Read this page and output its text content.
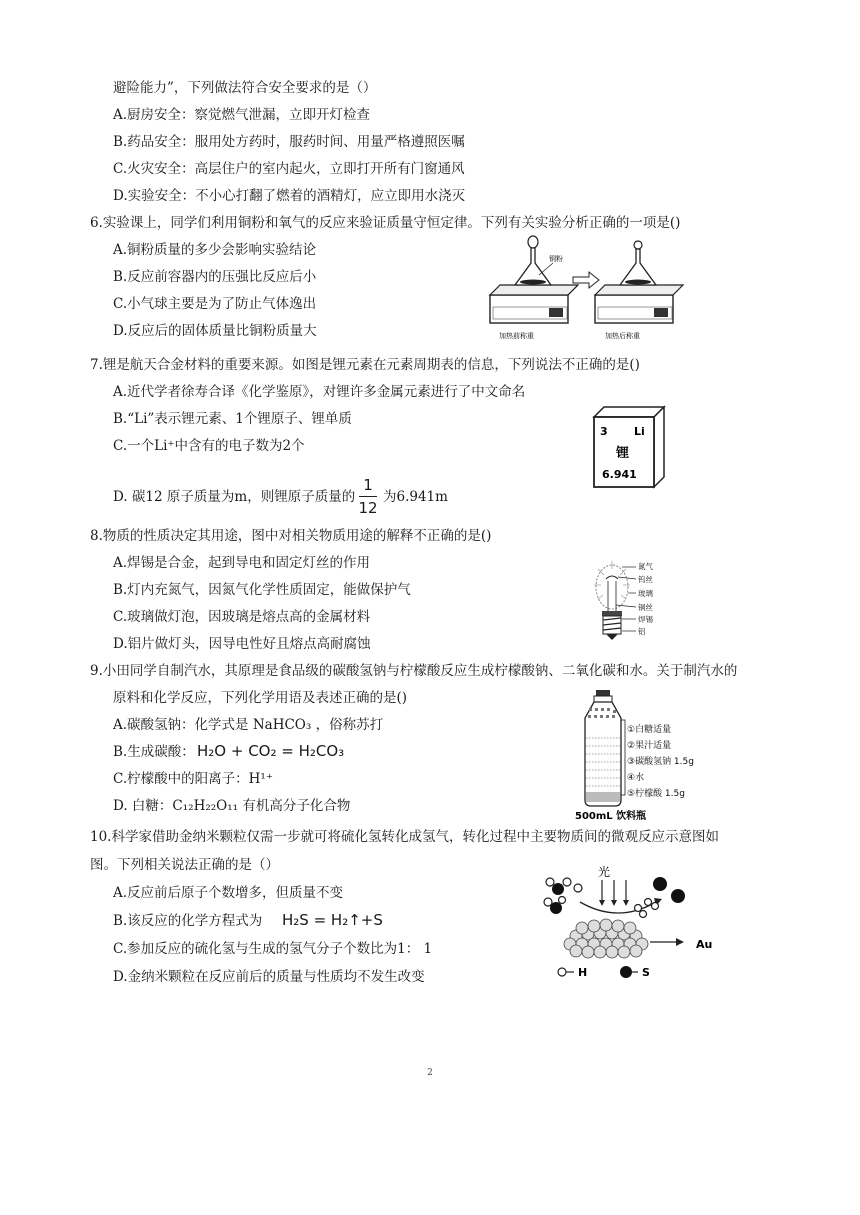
避险能力”，下列做法符合安全要求的是（）
A.厨房安全：察觉燃气泄漏，立即开灯检查
B.药品安全：服用处方药时，服药时间、用量严格遵照医嘱
C.火灾安全：高层住户的室内起火，立即打开所有门窗通风
D.实验安全：不小心打翻了燃着的酒精灯，应立即用水浇灭
6.实验课上，同学们利用铜粉和氧气的反应来验证质量守恒定律。下列有关实验分析正确的一项是()
A.铜粉质量的多少会影响实验结论
B.反应前容器内的压强比反应后小
C.小气球主要是为了防止气体逸出
D.反应后的固体质量比铜粉质量大
铜粉
加热前称重	加热后称重
7.锂是航天合金材料的重要来源。如图是锂元素在元素周期表的信息，下列说法不正确的是()
A.近代学者徐寿合译《化学鉴原》，对锂许多金属元素进行了中文命名
B.“Li”表示锂元素、1个锂原子、锂单质
C.一个Li⁺中含有的电子数为2个
D. 碳12 原子质量为m，则锂原子质量的
1
12
为6.941m
3 Li
锂
6.941
8.物质的性质决定其用途，图中对相关物质用途的解释不正确的是()
A.焊锡是合金，起到导电和固定灯丝的作用
B.灯内充氮气，因氮气化学性质固定，能做保护气
C.玻璃做灯泡，因玻璃是熔点高的金属材料
D.铝片做灯头，因导电性好且熔点高耐腐蚀
氮气
钨丝
玻璃
铜丝
焊锡
铝
9.小田同学自制汽水，其原理是食品级的碳酸氢钠与柠檬酸反应生成柠檬酸钠、二氧化碳和水。关于制汽水的
原料和化学反应，下列化学用语及表述正确的是()
A.碳酸氢钠：化学式是 NaHCO₃ ，俗称苏打
B.生成碳酸： H₂O + CO₂ = H₂CO₃
C.柠檬酸中的阳离子：H¹⁺
D. 白糖：C₁₂H₂₂O₁₁ 有机高分子化合物
①白糖适量
②果汁适量
③碳酸氢钠 1.5g
④水
⑤柠檬酸 1.5g
500mL 饮料瓶
10.科学家借助金纳米颗粒仅需一步就可将硫化氢转化成氢气，转化过程中主要物质间的微观反应示意图如
图。下列相关说法正确的是（）
A.反应前后原子个数增多，但质量不变
B.该反应的化学方程式为 H₂S = H₂↑+S
C.参加反应的硫化氢与生成的氢气分子个数比为1： 1
D.金纳米颗粒在反应前后的质量与性质均不发生改变
光
Au
H	S
2
